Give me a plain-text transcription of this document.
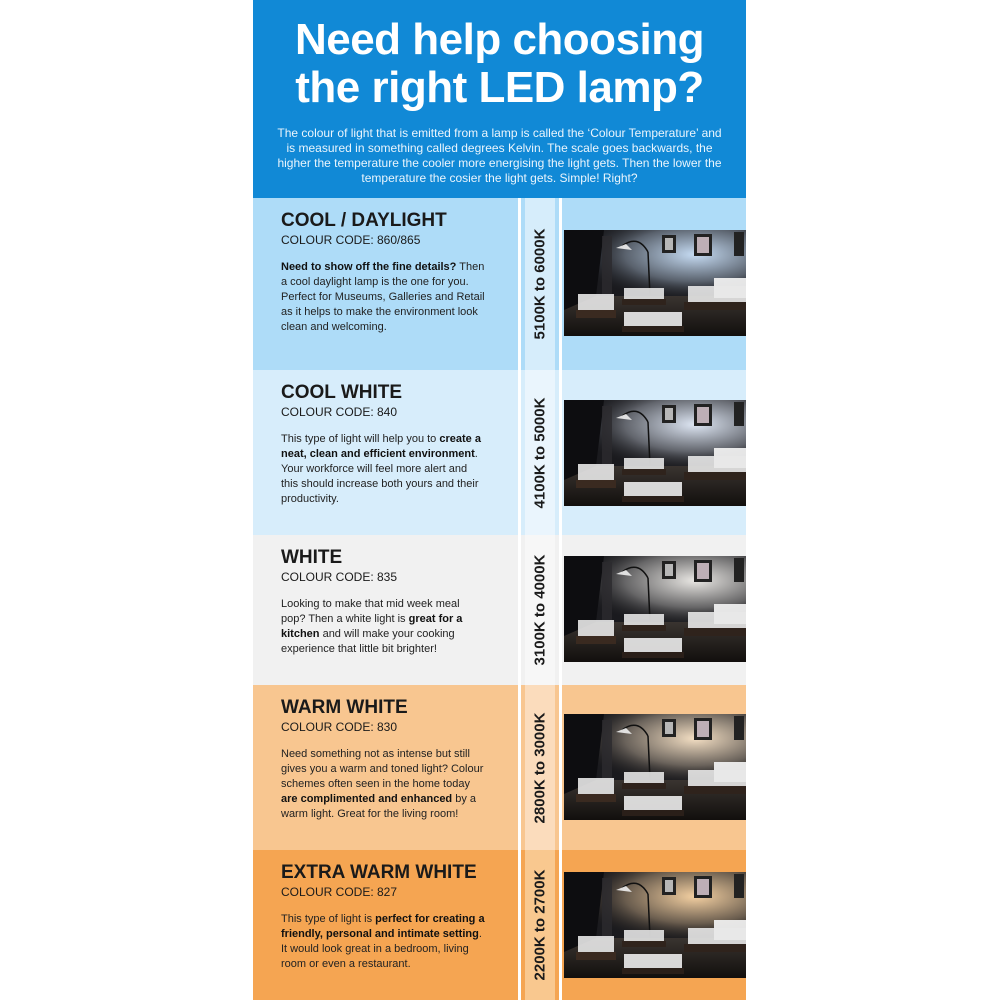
Need help choosing
the right LED lamp?
The colour of light that is emitted from a lamp is called the ‘Colour Temperature’ and is measured in something called degrees Kelvin. The scale goes backwards, the higher the temperature the cooler more energising the light gets. Then the lower the temperature the cosier the light gets. Simple! Right?
COOL / DAYLIGHT
COLOUR CODE: 860/865
Need to show off the fine details? Then a cool daylight lamp is the one for you. Perfect for Museums, Galleries and Retail as it helps to make the environment look clean and welcoming.	5100K to 6000K
COOL WHITE
COLOUR CODE: 840
This type of light will help you to create a neat, clean and efficient environment. Your workforce will feel more alert and this should increase both yours and their productivity.	4100K to 5000K
WHITE
COLOUR CODE: 835
Looking to make that mid week meal pop? Then a white light is great for a kitchen and will make your cooking experience that little bit brighter!	3100K to 4000K
WARM WHITE
COLOUR CODE: 830
Need something not as intense but still gives you a warm and toned light? Colour schemes often seen in the home today are complimented and enhanced by a warm light. Great for the living room!	2800K to 3000K
EXTRA WARM WHITE
COLOUR CODE: 827
This type of light is perfect for creating a friendly, personal and intimate setting. It would look great in a bedroom, living room or even a restaurant.	2200K to 2700K
